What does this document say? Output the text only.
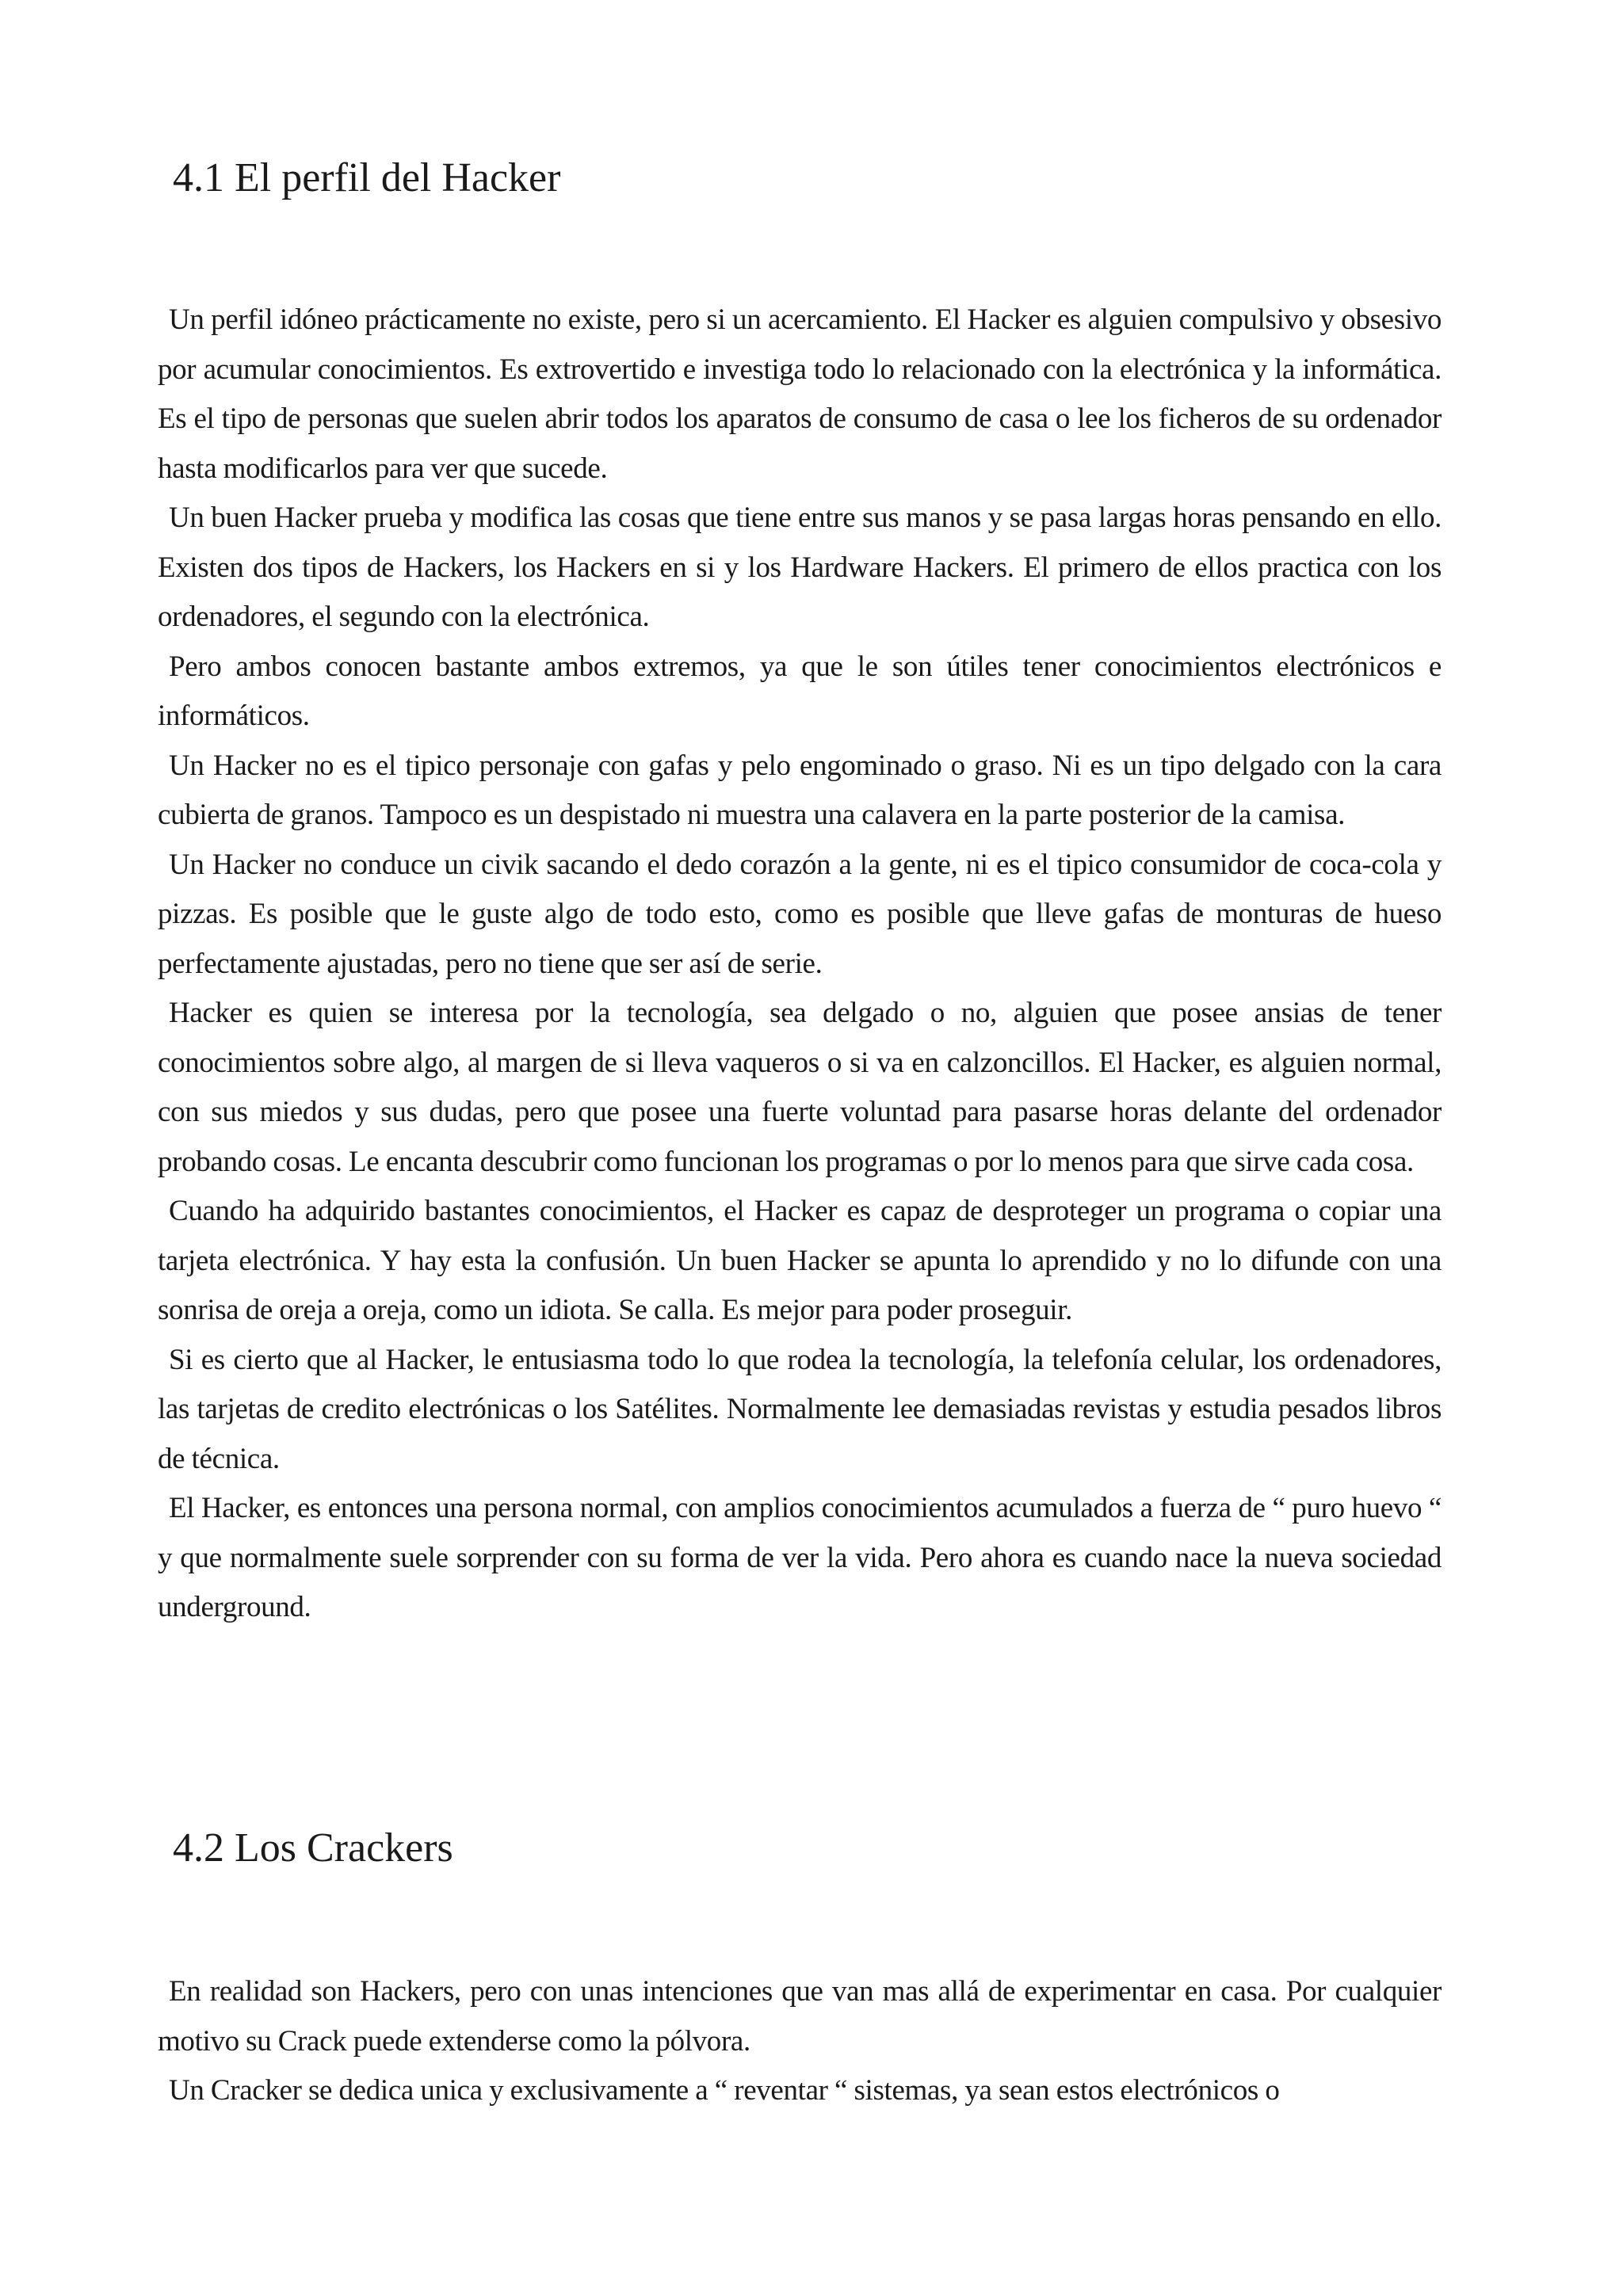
4.1 El perfil del Hacker

Un perfil idóneo prácticamente no existe, pero si un acercamiento. El Hacker es alguien compulsivo y obsesivo por acumular conocimientos. Es extrovertido e investiga todo lo relacionado con la electrónica y la informática. Es el tipo de personas que suelen abrir todos los aparatos de consumo de casa o lee los ficheros de su ordenador hasta modificarlos para ver que sucede.

Un buen Hacker prueba y modifica las cosas que tiene entre sus manos y se pasa largas horas pensando en ello. Existen dos tipos de Hackers, los Hackers en si y los Hardware Hackers. El primero de ellos practica con los ordenadores, el segundo con la electrónica.

Pero ambos conocen bastante ambos extremos, ya que le son útiles tener conocimientos electrónicos e informáticos.

Un Hacker no es el tipico personaje con gafas y pelo engominado o graso. Ni es un tipo delgado con la cara cubierta de granos. Tampoco es un despistado ni muestra una calavera en la parte posterior de la camisa.

Un Hacker no conduce un civik sacando el dedo corazón a la gente, ni es el tipico consumidor de coca-cola y pizzas. Es posible que le guste algo de todo esto, como es posible que lleve gafas de monturas de hueso perfectamente ajustadas, pero no tiene que ser así de serie.

Hacker es quien se interesa por la tecnología, sea delgado o no, alguien que posee ansias de tener conocimientos sobre algo, al margen de si lleva vaqueros o si va en calzoncillos. El Hacker, es alguien normal, con sus miedos y sus dudas, pero que posee una fuerte voluntad para pasarse horas delante del ordenador probando cosas. Le encanta descubrir como funcionan los programas o por lo menos para que sirve cada cosa.

Cuando ha adquirido bastantes conocimientos, el Hacker es capaz de desproteger un programa o copiar una tarjeta electrónica. Y hay esta la confusión. Un buen Hacker se apunta lo aprendido y no lo difunde con una sonrisa de oreja a oreja, como un idiota. Se calla. Es mejor para poder proseguir.

Si es cierto que al Hacker, le entusiasma todo lo que rodea la tecnología, la telefonía celular, los ordenadores, las tarjetas de credito electrónicas o los Satélites. Normalmente lee demasiadas revistas y estudia pesados libros de técnica.

El Hacker, es entonces una persona normal, con amplios conocimientos acumulados a fuerza de “ puro huevo “ y que normalmente suele sorprender con su forma de ver la vida. Pero ahora es cuando nace la nueva sociedad underground.

4.2 Los Crackers

En realidad son Hackers, pero con unas intenciones que van mas allá de experimentar en casa. Por cualquier motivo su Crack puede extenderse como la pólvora.

Un Cracker se dedica unica y exclusivamente a “ reventar “ sistemas, ya sean estos electrónicos o
